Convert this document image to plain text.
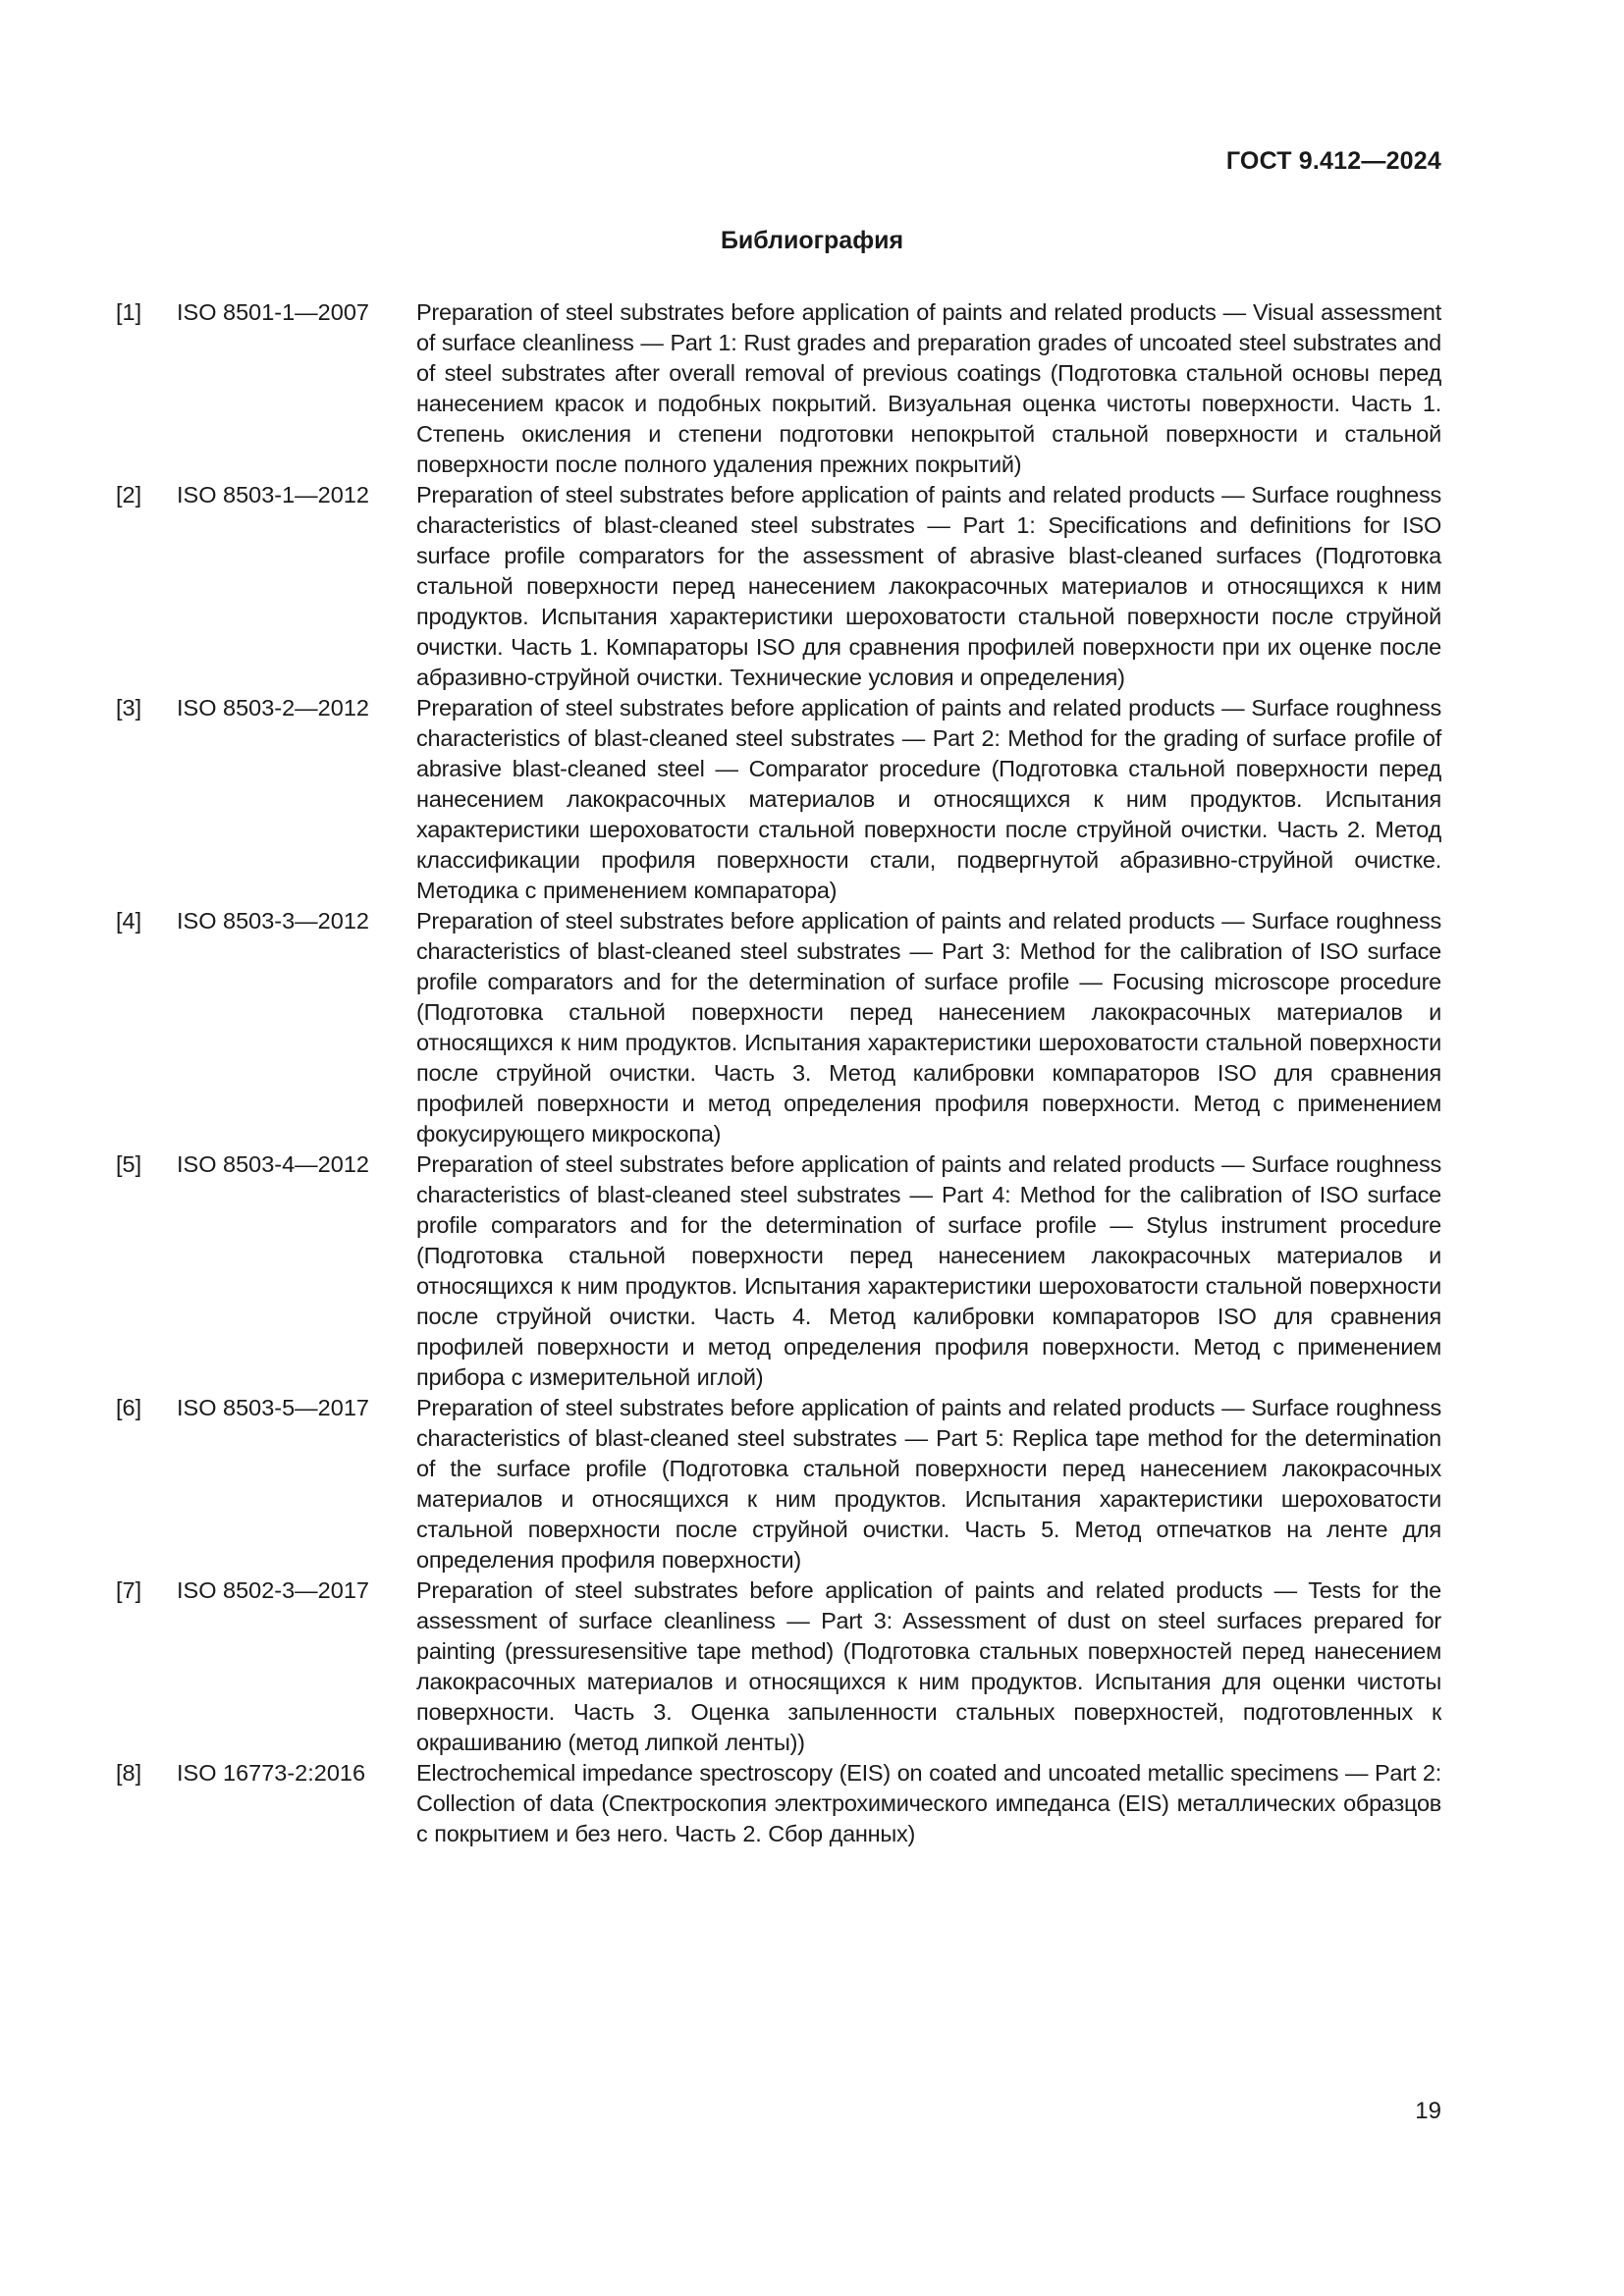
ГОСТ 9.412—2024
Библиография
[1]	ISO 8501-1—2007	Preparation of steel substrates before application of paints and related products — Visual assessment of surface cleanliness — Part 1: Rust grades and preparation grades of uncoated steel substrates and of steel substrates after overall removal of previous coatings (Подготовка стальной основы перед нанесением красок и подобных покрытий. Визуальная оценка чистоты поверхности. Часть 1. Степень окисления и степени подготовки непокрытой стальной поверхности и стальной поверхности после полного удаления прежних покрытий)
[2]	ISO 8503-1—2012	Preparation of steel substrates before application of paints and related products — Surface roughness characteristics of blast-cleaned steel substrates — Part 1: Specifications and definitions for ISO surface profile comparators for the assessment of abrasive blast-cleaned surfaces (Подготовка стальной поверхности перед нанесением лакокрасочных материалов и относящихся к ним продуктов. Испытания характеристики шероховатости стальной поверхности после струйной очистки. Часть 1. Компараторы ISO для сравнения профилей поверхности при их оценке после абразивно-струйной очистки. Технические условия и определения)
[3]	ISO 8503-2—2012	Preparation of steel substrates before application of paints and related products — Surface roughness characteristics of blast-cleaned steel substrates — Part 2: Method for the grading of surface profile of abrasive blast-cleaned steel — Comparator procedure (Подготовка стальной поверхности перед нанесением лакокрасочных материалов и относящихся к ним продуктов. Испытания характеристики шероховатости стальной поверхности после струйной очистки. Часть 2. Метод классификации профиля поверхности стали, подвергнутой абразивно-струйной очистке. Методика с применением компаратора)
[4]	ISO 8503-3—2012	Preparation of steel substrates before application of paints and related products — Surface roughness characteristics of blast-cleaned steel substrates — Part 3: Method for the calibration of ISO surface profile comparators and for the determination of surface profile — Focusing microscope procedure (Подготовка стальной поверхности перед нанесением лакокрасочных материалов и относящихся к ним продуктов. Испытания характеристики шероховатости стальной поверхности после струйной очистки. Часть 3. Метод калибровки компараторов ISO для сравнения профилей поверхности и метод определения профиля поверхности. Метод с применением фокусирующего микроскопа)
[5]	ISO 8503-4—2012	Preparation of steel substrates before application of paints and related products — Surface roughness characteristics of blast-cleaned steel substrates — Part 4: Method for the calibration of ISO surface profile comparators and for the determination of surface profile — Stylus instrument procedure (Подготовка стальной поверхности перед нанесением лакокрасочных материалов и относящихся к ним продуктов. Испытания характеристики шероховатости стальной поверхности после струйной очистки. Часть 4. Метод калибровки компараторов ISO для сравнения профилей поверхности и метод определения профиля поверхности. Метод с применением прибора с измерительной иглой)
[6]	ISO 8503-5—2017	Preparation of steel substrates before application of paints and related products — Surface roughness characteristics of blast-cleaned steel substrates — Part 5: Replica tape method for the determination of the surface profile (Подготовка стальной поверхности перед нанесением лакокрасочных материалов и относящихся к ним продуктов. Испытания характеристики шероховатости стальной поверхности после струйной очистки. Часть 5. Метод отпечатков на ленте для определения профиля поверхности)
[7]	ISO 8502-3—2017	Preparation of steel substrates before application of paints and related products — Tests for the assessment of surface cleanliness — Part 3: Assessment of dust on steel surfaces prepared for painting (pressuresensitive tape method) (Подготовка стальных поверхностей перед нанесением лакокрасочных материалов и относящихся к ним продуктов. Испытания для оценки чистоты поверхности. Часть 3. Оценка запыленности стальных поверхностей, подготовленных к окрашиванию (метод липкой ленты))
[8]	ISO 16773-2:2016	Electrochemical impedance spectroscopy (EIS) on coated and uncoated metallic specimens — Part 2: Collection of data (Спектроскопия электрохимического импеданса (EIS) металлических образцов с покрытием и без него. Часть 2. Сбор данных)
19
